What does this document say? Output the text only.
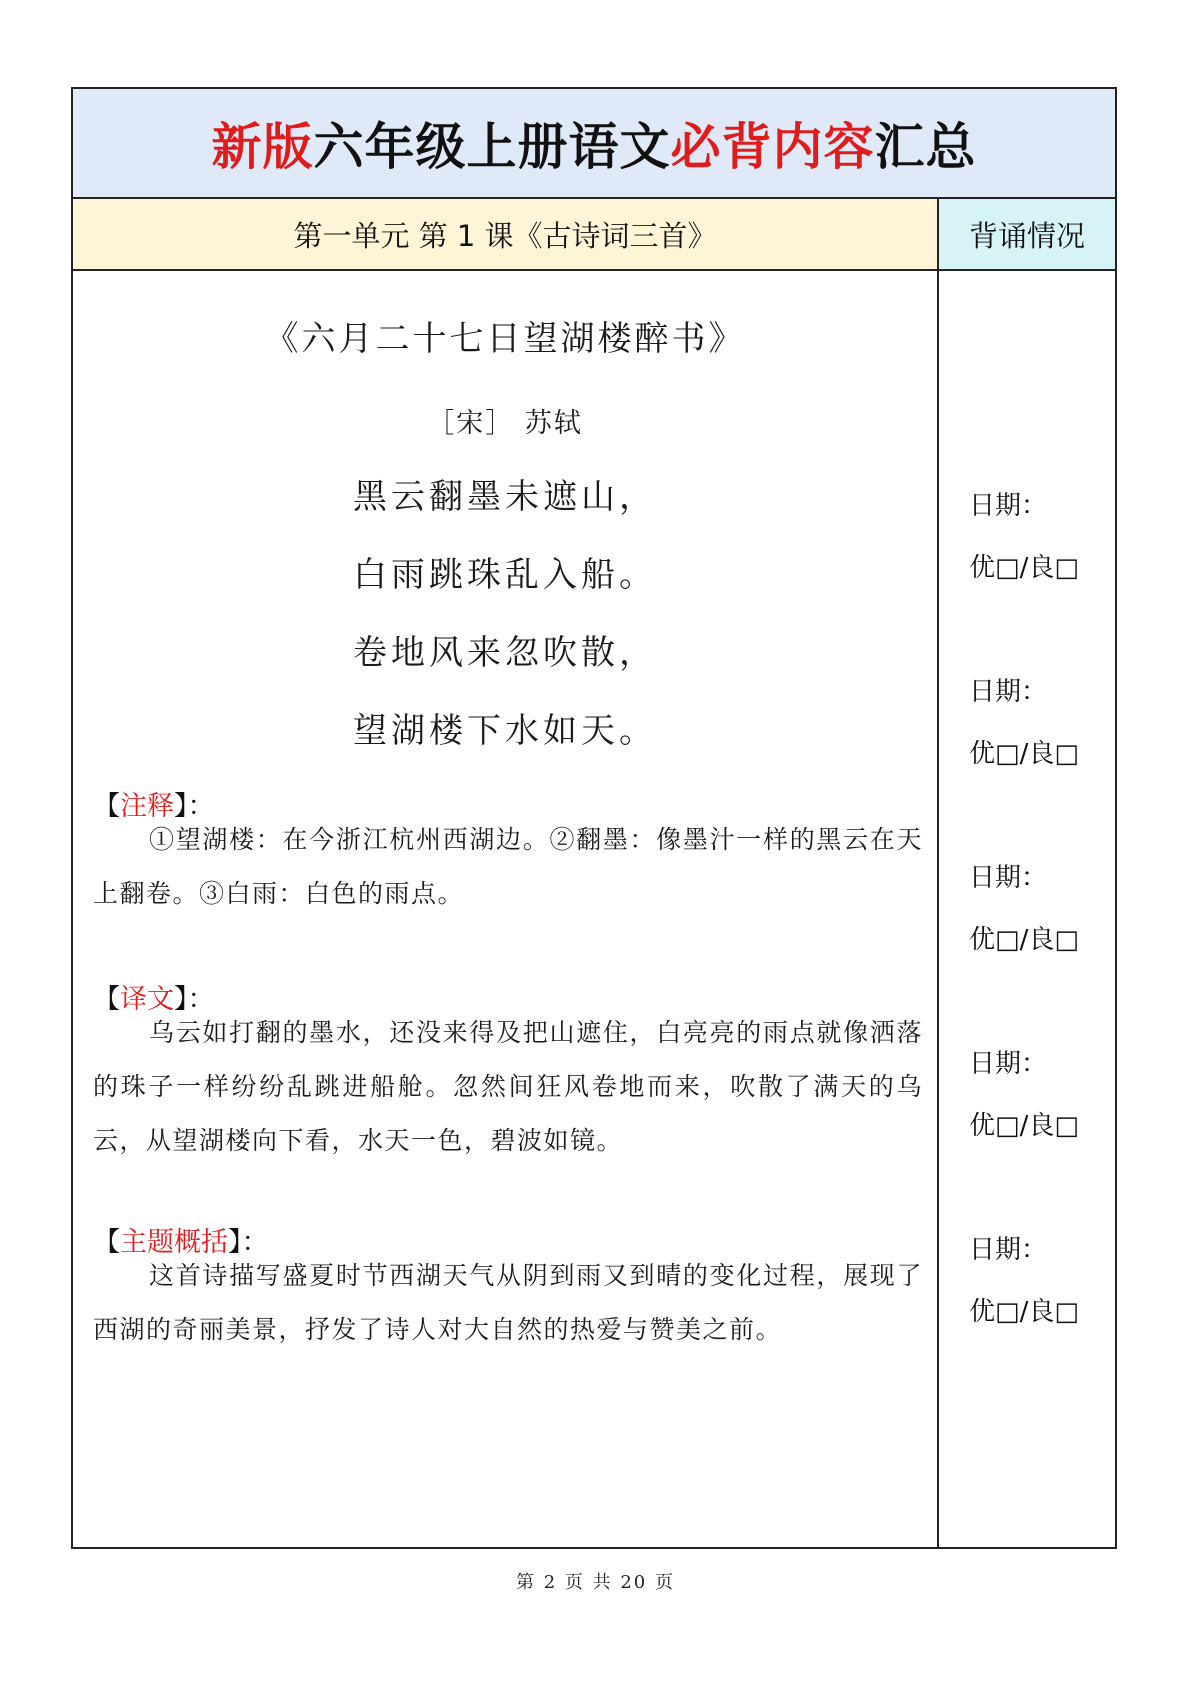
新版 六年级上册语文 必背内容 汇总
第一单元 第 1 课《古诗词三首》	背诵情况
《六月二十七日望湖楼醉书》
［宋］ 苏轼
黑云翻墨未遮山，
白雨跳珠乱入船。
卷地风来忽吹散，
望湖楼下水如天。
【注释】：
①望湖楼：在今浙江杭州西湖边。②翻墨：像墨汁一样的黑云在天上翻卷。③白雨：白色的雨点。
【译文】：
乌云如打翻的墨水，还没来得及把山遮住，白亮亮的雨点就像洒落的珠子一样纷纷乱跳进船舱。忽然间狂风卷地而来，吹散了满天的乌云，从望湖楼向下看，水天一色，碧波如镜。
【主题概括】：
这首诗描写盛夏时节西湖天气从阴到雨又到晴的变化过程，展现了西湖的奇丽美景，抒发了诗人对大自然的热爱与赞美之前。
日期：
优□/良□
日期：
优□/良□
日期：
优□/良□
日期：
优□/良□
日期：
优□/良□
第 2 页 共 20 页
